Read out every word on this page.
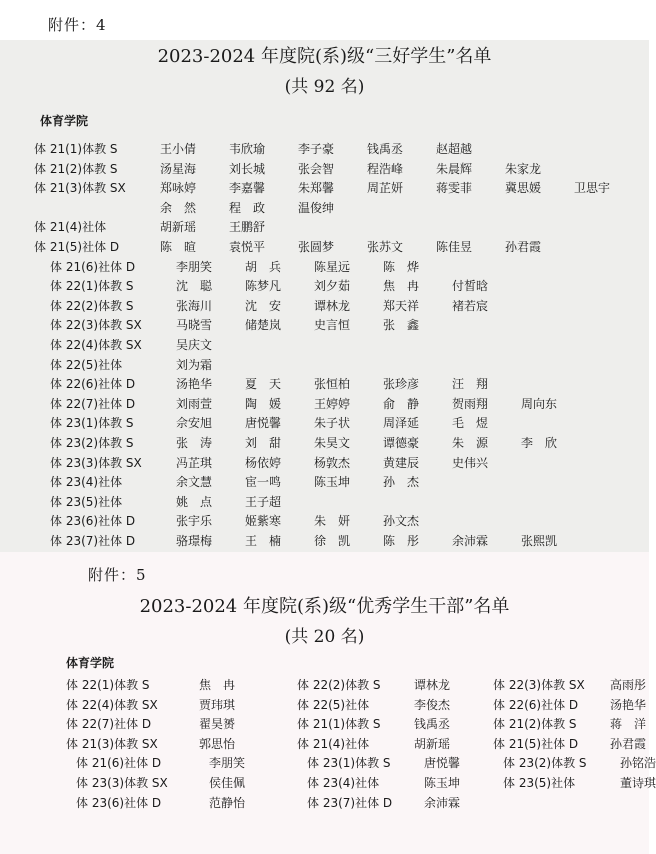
附件：4
2023-2024 年度院(系)级“三好学生”名单
(共 92 名)
体育学院
体 21(1)体教 S	王小倩	韦欣瑜	李子豪	钱禹丞	赵超越
体 21(2)体教 S	汤星海	刘长城	张会智	程浩峰	朱晨辉	朱家龙
体 21(3)体教 SX	郑咏婷	李嘉馨	朱郑馨	周芷妍	蒋雯菲	冀思媛	卫思宇
余　然	程　政	温俊绅
体 21(4)社体	胡新瑶	王鹏舒
体 21(5)社体 D	陈　暄	袁悦平	张圆梦	张苏文	陈佳昱	孙君霞
体 21(6)社体 D	李朋笑	胡　兵	陈星远	陈　烨
体 22(1)体教 S	沈　聪	陈梦凡	刘夕茹	焦　冉	付皙晗
体 22(2)体教 S	张海川	沈　安	谭林龙	郑天祥	褚若宸
体 22(3)体教 SX	马晓雪	储楚岚	史言恒	张　鑫
体 22(4)体教 SX	吴庆文
体 22(5)社体	刘为霜
体 22(6)社体 D	汤艳华	夏　天	张恒柏	张珍彦	汪　翔
体 22(7)社体 D	刘雨萱	陶　媛	王婷婷	俞　静	贺雨翔	周向东
体 23(1)体教 S	佘安旭	唐悦馨	朱子状	周泽延	毛　煜
体 23(2)体教 S	张　涛	刘　甜	朱昊文	谭德豪	朱　源	李　欣
体 23(3)体教 SX	冯芷琪	杨依婷	杨敦杰	黄建辰	史伟兴
体 23(4)社体	余文慧	宦一鸣	陈玉坤	孙　杰
体 23(5)社体	姚　点	王子超
体 23(6)社体 D	张宇乐	姬紫寒	朱　妍	孙文杰
体 23(7)社体 D	骆璟梅	王　楠	徐　凯	陈　彤	余沛霖	张熙凯
附件：5
2023-2024 年度院(系)级“优秀学生干部”名单
(共 20 名)
体育学院
体 22(1)体教 S	焦　冉	体 22(2)体教 S	谭林龙	体 22(3)体教 SX 高雨彤
体 22(4)体教 SX	贾玮琪	体 22(5)社体	李俊杰	体 22(6)社体 D	汤艳华
体 22(7)社体 D	翟昊赟	体 21(1)体教 S	钱禹丞	体 21(2)体教 S	蒋　洋
体 21(3)体教 SX	郭思怡	体 21(4)社体	胡新瑶	体 21(5)社体 D	孙君霞
体 21(6)社体 D	李朋笑	体 23(1)体教 S	唐悦馨	体 23(2)体教 S	孙铭浩
体 23(3)体教 SX	侯佳佩	体 23(4)社体	陈玉坤	体 23(5)社体	董诗琪
体 23(6)社体 D	范静怡	体 23(7)社体 D	余沛霖
